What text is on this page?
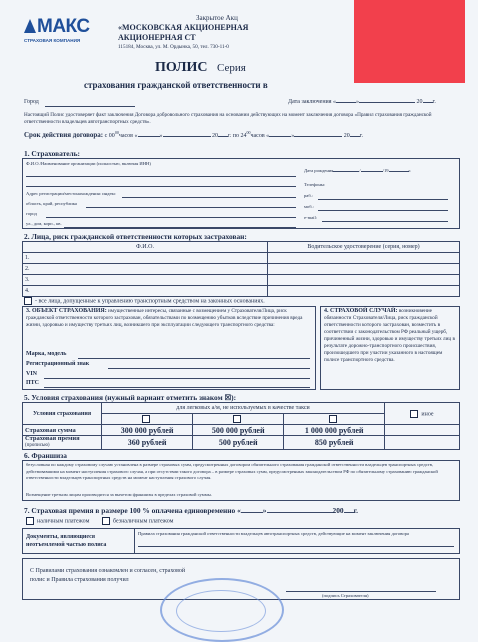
МАКС
СТРАХОВАЯ КОМПАНИЯ
Закрытое Акц
«МОСКОВСКАЯ АКЦИОНЕРНАЯ
АКЦИОНЕРНАЯ СТ
115184, Москва, ул. М. Ордынка, 50, тел. 730-11-0
ПОЛИС Серия
страхования гражданской ответственности в
Город	Дата заключения «	»	20 г.
Настоящий Полис удостоверяет факт заключения Договора добровольного страхования на основании действующих на момент заключения договора «Правил страхования гражданской ответственности владельцев автотранспортных средств».
Срок действия договора: с $00^{00}часов$ «	»	20 г. по $24^{00}часов$ «	»	20 г.
1. Страхователь:
Ф.И.О./Наименование организации (полностью, включая ИНН)
Адрес регистрации/местонахождения: индекс
область, край, республика
город
ул., дом, корп., кв.
Дата рождения	/	/19	г.
Телефоны:
раб.:
моб.:
e-mail:
2. Лица, риск гражданской ответственности которых застрахован:
Ф.И.О.	Водительское удостоверение (серия, номер)
1.	
2.	
3.	
4.	
- все лица, допущенные к управлению транспортным средством на законных основаниях.
3. ОБЪЕКТ СТРАХОВАНИЯ: имущественные интересы, связанные с возмещением у Страхователя/Лица, риск гражданской ответственности которого застрахован, обязательствами по возмещению убытков вследствие причинения вреда жизни, здоровью и имуществу третьих лиц, возникшего при эксплуатации следующего транспортного средства:
Марка, модель
Регистрационный знак
VIN
ПТС
4. СТРАХОВОЙ СЛУЧАЙ: возникновение обязанности Страхователя/Лица, риск гражданской ответственности которого застрахован, возместить в соответствии с законодательством РФ реальный ущерб, причиненный жизни, здоровью и имуществу третьих лиц в результате дорожно-транспортного происшествия, произошедшего при участии указанного в настоящем полисе транспортного средства.
5. Условия страхования (нужный вариант отметить знаком ☒):
Условия страхования	для легковых а/м, не используемых в качестве такси			иное

Страховая сумма	300 000 рублей	500 000 рублей	1 000 000 рублей	
Страховая премия
(прописью)	360 рублей	500 рублей	850 рублей	
6. Франшиза
безусловная по каждому страховому случаю установлена в размере страховых сумм, предусмотренных договором обязательного страхования гражданской ответственности владельцев транспортных средств, действовавшими на момент наступления страхового случая, а при отсутствии такого договора – в размере страховых сумм, предусмотренных законодательством РФ по обязательному страхованию гражданской ответственности владельцев транспортных средств на момент наступления страхового случая.
Возмещение третьим лицам производится за вычетом франшизы в пределах страховой суммы.
7. Страховая премия в размере 100 % оплачена единовременно «	»	200 г.
наличным платежом	безналичным платежом
Документы, являющиеся неотъемлемой частью полиса
Правила страхования гражданской ответственности владельцев автотранспортных средств, действующие на момент заключения договора
С Правилами страхования ознакомлен и согласен, страховой полис и Правила страхования получил
(подпись Страхователя)
